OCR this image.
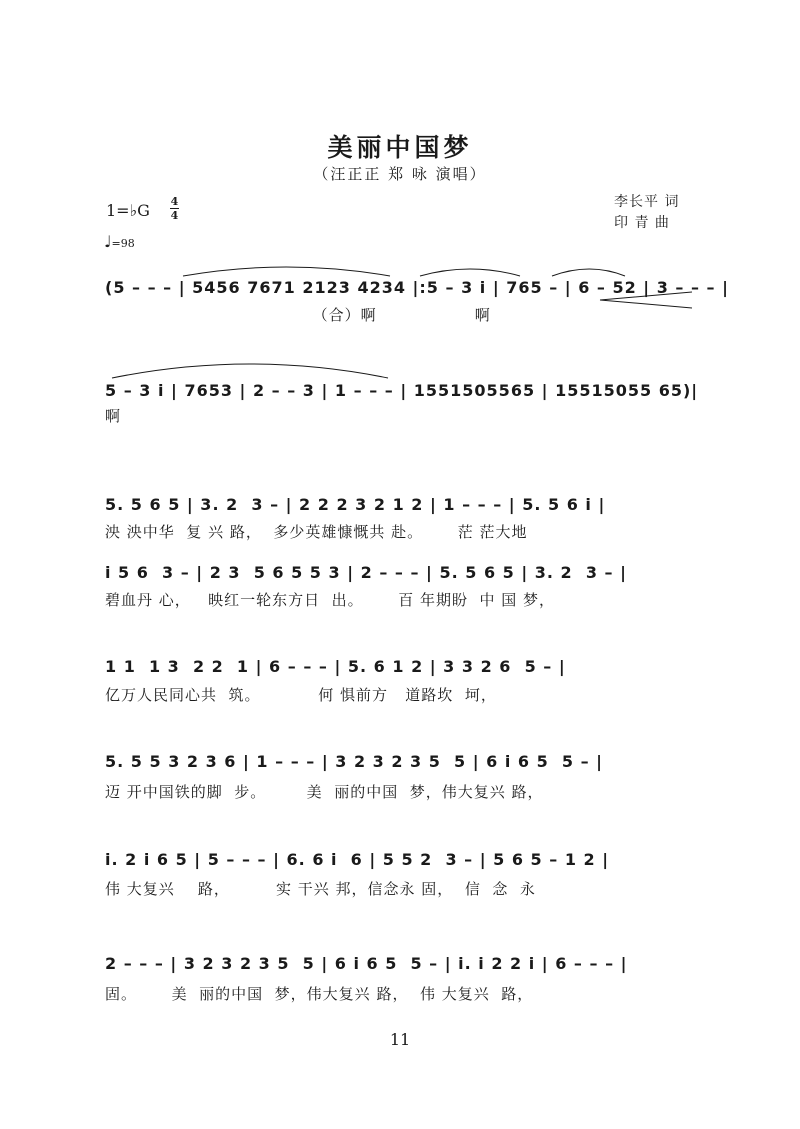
美丽中国梦
（汪正正 郑 咏 演唱）
1=♭G 4
4
♩=98
李长平 词
印 青 曲
(5 – – – | 5456 7671 2123 4234 |:5 – 3 i | 765 – | 6 – 52 | 3 – – – |
（合）啊                 啊
5 – 3 i | 7653 | 2 – – 3 | 1 – – – | 1551505565 | 15515055 65)|
啊
5. 5 6 5 | 3. 2  3 – | 2 2 2 3 2 1 2 | 1 – – – | 5. 5 6 i |
泱 泱中华  复 兴 路，  多少英雄慷慨共 赴。      茫 茫大地
i 5 6  3 – | 2 3  5 6 5 5 3 | 2 – – – | 5. 5 6 5 | 3. 2  3 – |
碧血丹 心，   映红一轮东方日  出。      百 年期盼  中 国 梦，
1 1  1 3  2 2  1 | 6 – – – | 5. 6 1 2 | 3 3 2 6  5 – |
亿万人民同心共  筑。          何 惧前方   道路坎  坷，
5. 5 5 3 2 3 6 | 1 – – – | 3 2 3 2 3 5  5 | 6 i 6 5  5 – |
迈 开中国铁的脚  步。       美  丽的中国  梦，伟大复兴 路，
i. 2 i 6 5 | 5 – – – | 6. 6 i  6 | 5 5 2  3 – | 5 6 5 – 1 2 |
伟 大复兴    路，        实 干兴 邦，信念永 固，  信  念  永
2 – – – | 3 2 3 2 3 5  5 | 6 i 6 5  5 – | i. i 2 2 i | 6 – – – |
固。      美  丽的中国  梦，伟大复兴 路，  伟 大复兴  路，
11
